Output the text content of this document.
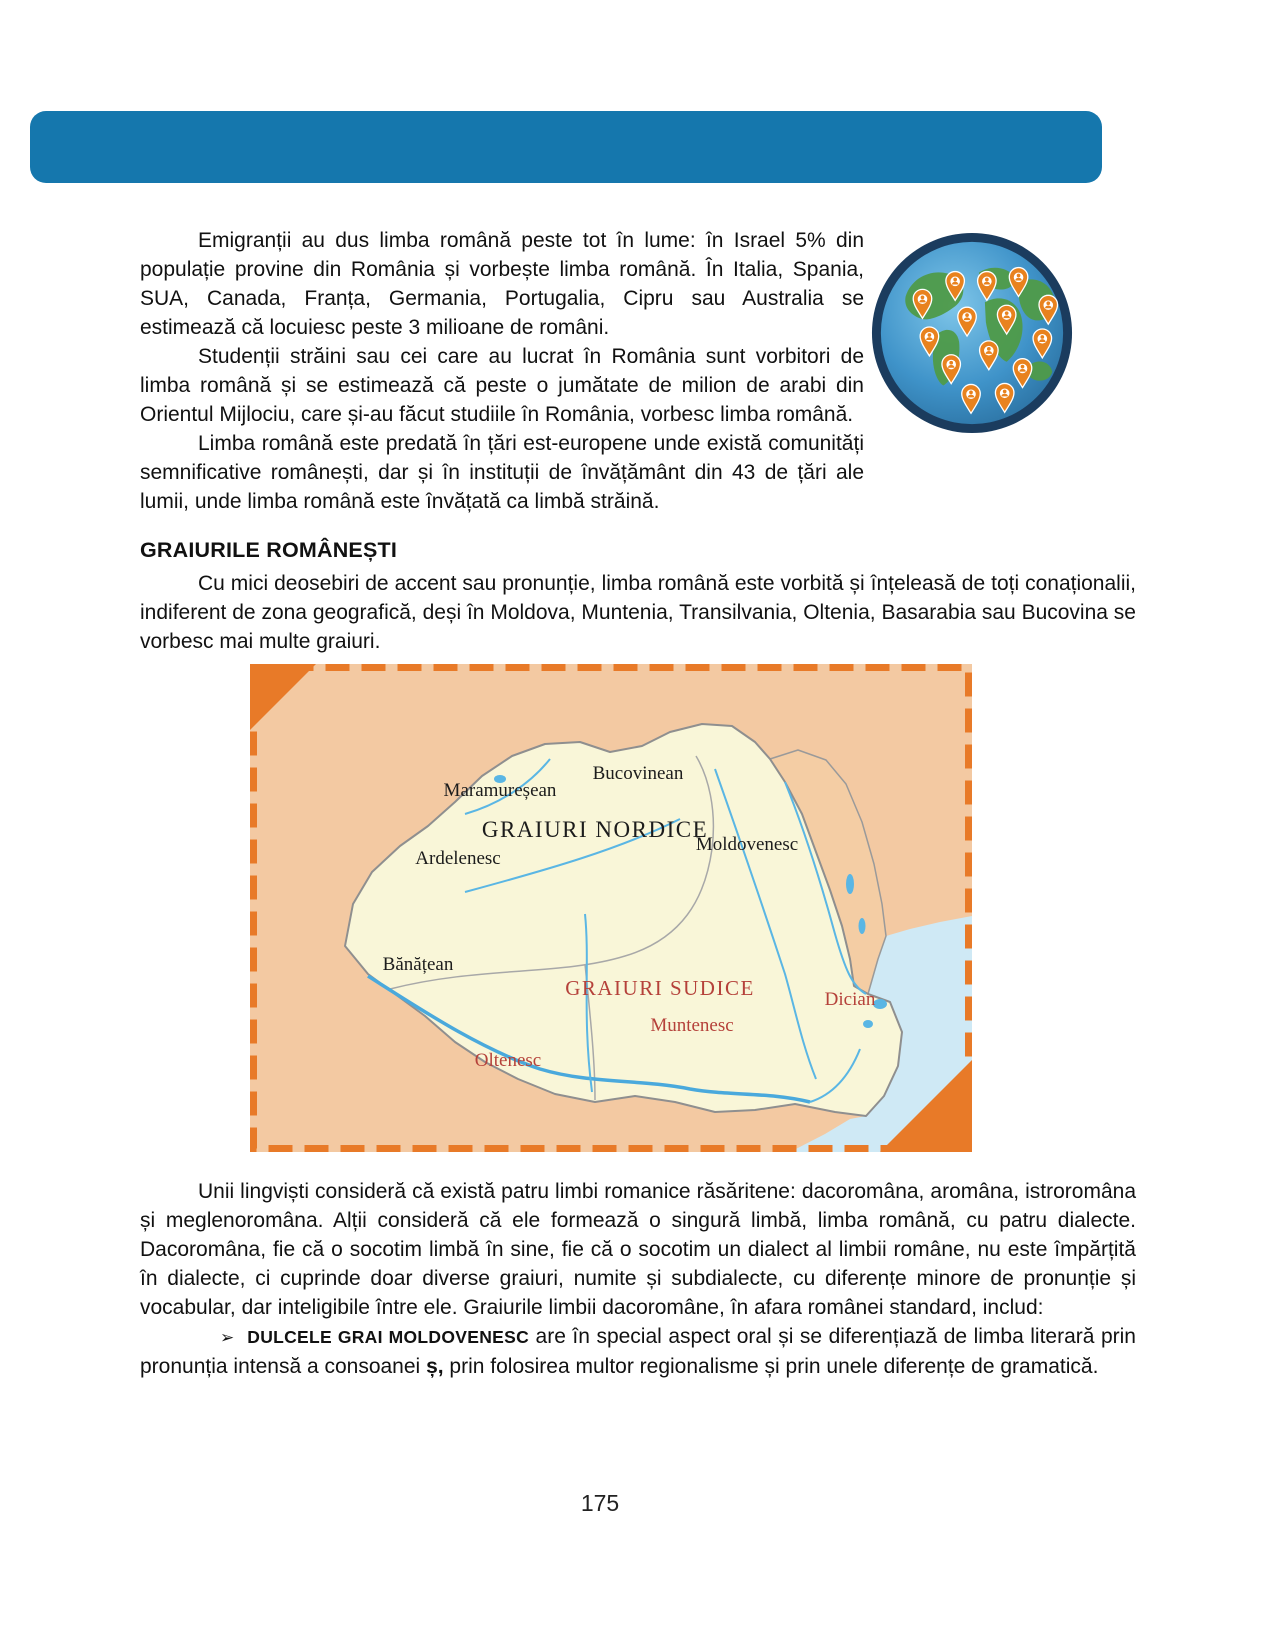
Emigranții au dus limba română peste tot în lume: în Israel 5% din populație provine din România și vorbește limba română. În Italia, Spania, SUA, Canada, Franța, Germania, Portugalia, Cipru sau Australia se estimează că locuiesc peste 3 milioane de români.

Studenții străini sau cei care au lucrat în România sunt vorbitori de limba română și se estimează că peste o jumătate de milion de arabi din Orientul Mijlociu, care și-au făcut studiile în România, vorbesc limba română.

Limba română este predată în țări est-europene unde există comunități semnificative românești, dar și în instituții de învățământ din 43 de țări ale lumii, unde limba română este învățată ca limbă străină.

GRAIURILE ROMÂNEȘTI

Cu mici deosebiri de accent sau pronunție, limba română este vorbită și înțeleasă de toți conaționalii, indiferent de zona geografică, deși în Moldova, Muntenia, Transilvania, Oltenia, Basarabia sau Bucovina se vorbesc mai multe graiuri.

Maramureșean
Bucovinean
GRAIURI NORDICE
Moldovenesc
Ardelenesc
Bănățean
GRAIURI SUDICE
Muntenesc
Dician
Oltenesc

Unii lingviști consideră că există patru limbi romanice răsăritene: dacoromâna, aromâna, istroromâna și meglenoromâna. Alții consideră că ele formează o singură limbă, limba română, cu patru dialecte. Dacoromâna, fie că o socotim limbă în sine, fie că o socotim un dialect al limbii române, nu este împărțită în dialecte, ci cuprinde doar diverse graiuri, numite și subdialecte, cu diferențe minore de pronunție și vocabular, dar inteligibile între ele. Graiurile limbii dacoromâne, în afara românei standard, includ:

➢ DULCELE GRAI MOLDOVENESC are în special aspect oral și se diferențiază de limba literară prin pronunția intensă a consoanei ș, prin folosirea multor regionalisme și prin unele diferențe de gramatică.

175
